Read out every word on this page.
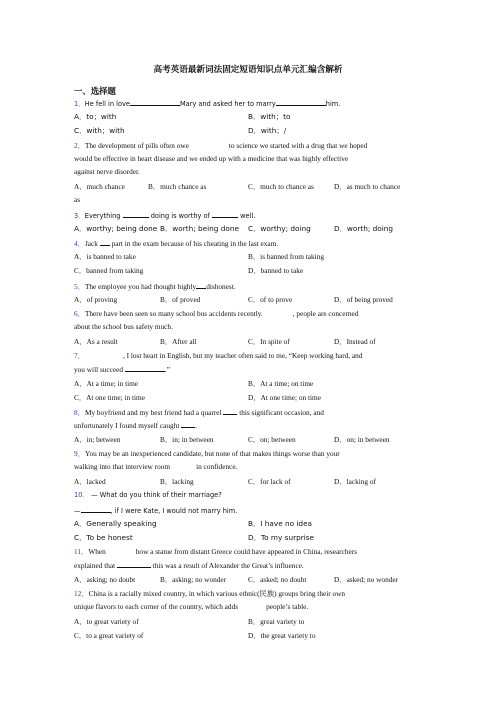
高考英语最新词法固定短语知识点单元汇编含解析
一、选择题
1．He fell in love	Mary and asked her to marry	him.
A．to；with	B．with；to
C．with；with	D．with；/
2．The development of pills often owe	to science we started with a drug that we hoped
would be effective in heart disease and we ended up with a medicine that was highly effective
against nerve disorder.
A．much chance	B．much chance as	C．much to chance as	D．as much to chance
as
3．Everything	doing is worthy of	well.
A．worthy; being done B．worth; being done C．worthy; doing	D．worth; doing
4．Jack part in the exam because of his cheating in the last exam.
A．is banned to take	B．is banned from taking
C．banned from taking	D．banned to take
5．The employee you had thought highly dishonest.
A．of proving	B．of proved	C．of to prove	D．of being proved
6．There have been seen so many school bus accidents recently.	, people are concerned
about the school bus safety much.
A．As a result	B．After all	C．In spite of	D．Instead of
7．	, I lost heart in English, but my teacher often said to me, “Keep working hard, and
you will succeed	.”
A．At a time; in time	B．At a time; on time
C．At one time; in time	D．At one time; on time
8．My boyfriend and my best friend had a quarrel this significant occasion, and
unfortunately I found myself caught .
A．in; between	B．in; in between	C．on; between	D．on; in between
9．You may be an inexperienced candidate, but none of that makes things worse than your
walking into that interview room	in confidence.
A．lacked	B．lacking	C．for lack of	D．lacking of
10． — What do you think of their marriage?
—	, if I were Kate, I would not marry him.
A．Generally speaking	B．I have no idea
C．To be honest	D．To my surprise
11．When	how a statue from distant Greece could have appeared in China, researchers
explained that	this was a result of Alexander the Great’s influence.
A．asking; no doubt	B．asking; no wonder	C．asked; no doubt	D．asked; no wonder
12．China is a racially mixed country, in which various ethnic(民族) groups bring their own
unique flavors to each corner of the country, which adds	people’s table.
A．to great variety of	B．great variety to
C．to a great variety of	D．the great variety to
